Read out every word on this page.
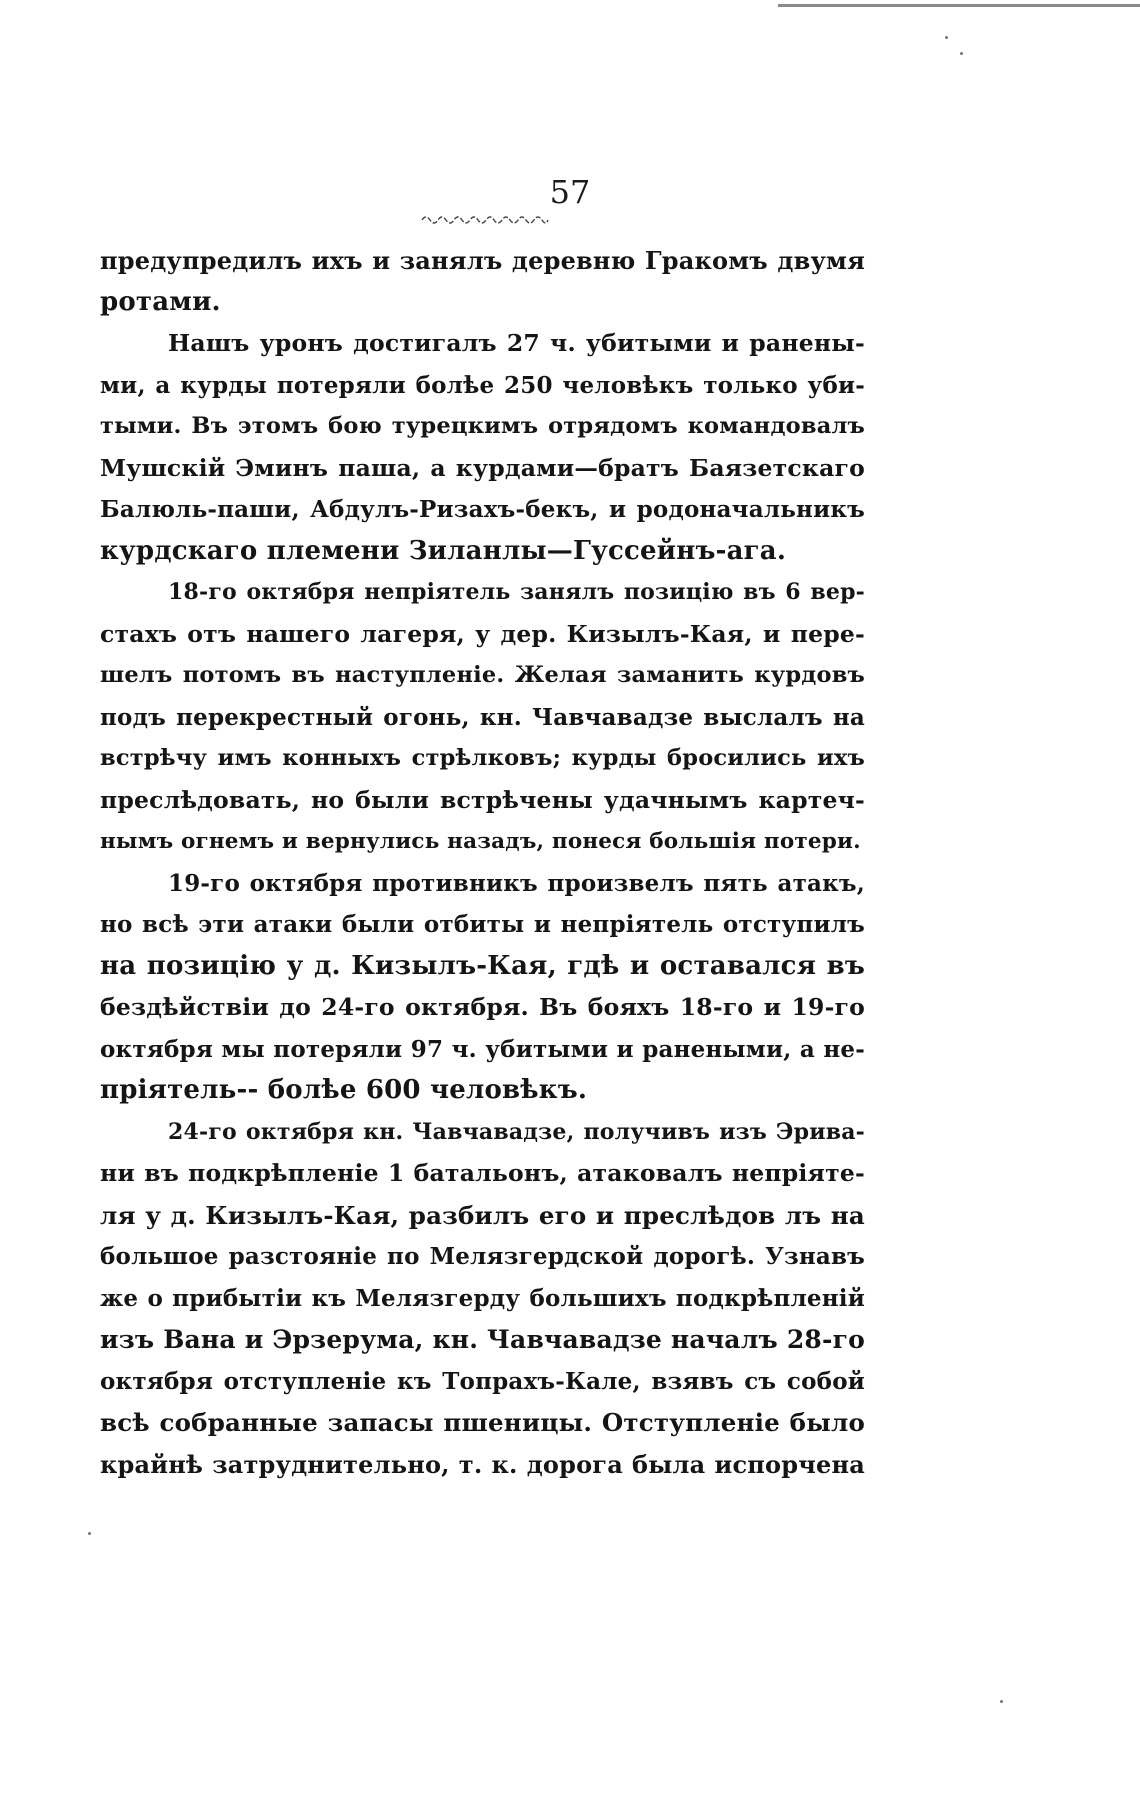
57
предупредилъ ихъ и занялъ деревню Гракомъ двумя
ротами.
Нашъ уронъ достигалъ 27 ч. убитыми и ранены-
ми, а курды потеряли болѣе 250 человѣкъ только уби-
тыми. Въ этомъ бою турецкимъ отрядомъ командовалъ
Мушскій Эминъ паша, а курдами—братъ Баязетскаго
Балюль-паши, Абдулъ-Ризахъ-бекъ, и родоначальникъ
курдскаго племени Зиланлы—Гуссейнъ-ага.
18-го октября непріятель занялъ позицію въ 6 вер-
стахъ отъ нашего лагеря, у дер. Кизылъ-Кая, и пере-
шелъ потомъ въ наступленіе. Желая заманить курдовъ
подъ перекрестный огонь, кн. Чавчавадзе выслалъ на
встрѣчу имъ конныхъ стрѣлковъ; курды бросились ихъ
преслѣдовать, но были встрѣчены удачнымъ картеч-
нымъ огнемъ и вернулись назадъ, понеся большія потери.
19-го октября противникъ произвелъ пять атакъ,
но всѣ эти атаки были отбиты и непріятель отступилъ
на позицію у д. Кизылъ-Кая, гдѣ и оставался въ
бездѣйствіи до 24-го октября. Въ бояхъ 18-го и 19-го
октября мы потеряли 97 ч. убитыми и ранеными, а не-
пріятель-- болѣе 600 человѣкъ.
24-го октября кн. Чавчавадзе, получивъ изъ Эрива-
ни въ подкрѣпленіе 1 батальонъ, атаковалъ непріяте-
ля у д. Кизылъ-Кая, разбилъ его и преслѣдов лъ на
большое разстояніе по Мелязгердской дорогѣ. Узнавъ
же о прибытіи къ Мелязгерду большихъ подкрѣпленій
изъ Вана и Эрзерума, кн. Чавчавадзе началъ 28-го
октября отступленіе къ Топрахъ-Кале, взявъ съ собой
всѣ собранные запасы пшеницы. Отступленіе было
крайнѣ затруднительно, т. к. дорога была испорчена
